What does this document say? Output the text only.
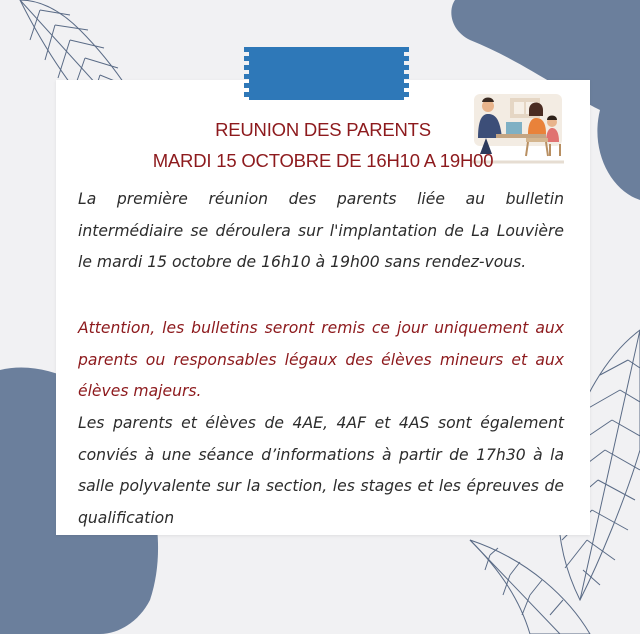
REUNION DES PARENTS
MARDI 15 OCTOBRE DE 16H10 A 19H00

La première réunion des parents liée au bulletin intermédiaire se déroulera sur l'implantation de La Louvière le mardi 15 octobre de 16h10 à 19h00 sans rendez-vous.

Attention, les bulletins seront remis ce jour uniquement aux parents ou responsables légaux des élèves mineurs et aux élèves majeurs.

Les parents et élèves de 4AE, 4AF et 4AS sont également conviés à une séance d’informations à partir de 17h30 à la salle polyvalente sur la section, les stages et les épreuves de qualification
